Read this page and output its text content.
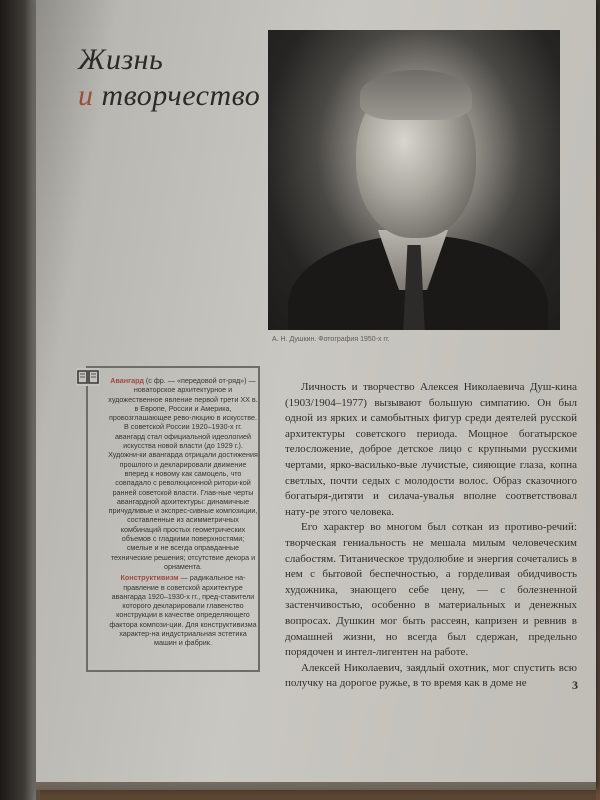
Жизнь
и творчество
А. Н. Душкин. Фотография 1950-х гг.

Авангард (с фр. — «передовой от-ряд») — новаторское архитектурное и художественное явление первой трети ХХ в. в Европе, России и Америка, провозглашающее рево-люцию в искусстве. В советской России 1920–1930-х гг. авангард стал официальной идеологией искусства новой власти (до 1929 г.). Художни-ки авангарда отрицали достижения прошлого и декларировали движение вперед к новому как самоцель, что совпадало с революционной ритори-кой ранней советской власти. Глав-ные черты авангардной архитектуры: динамичные причудливые и экспрес-сивные композиции, составленные из асимметричных комбинаций простых геометрических объемов с гладкими поверхностями; смелые и не всегда оправданные технические решения; отсутствие декора и орнамента.

Конструктивизм — радикальное на-правление в советской архитектуре авангарда 1920–1930-х гг., пред-ставители которого декларировали главенство конструкции в качестве определяющего фактора компози-ции. Для конструктивизма характер-на индустриальная эстетика машин и фабрик.

Личность и творчество Алексея Николаевича Душ-кина (1903/1904–1977) вызывают большую симпатию. Он был одной из ярких и самобытных фигур среди деятелей русской архитектуры советского периода. Мощное богатырское телосложение, доброе детское лицо с крупными русскими чертами, ярко-василько-вые лучистые, сияющие глаза, копна светлых, почти седых с молодости волос. Образ сказочного богатыря-дитяти и силача-увалья вполне соответствовал нату-ре этого человека.

Его характер во многом был соткан из противо-речий: творческая гениальность не мешала милым человеческим слабостям. Титаническое трудолюбие и энергия сочетались в нем с бытовой беспечностью, а горделивая обидчивость художника, знающего себе цену, — с болезненной застенчивостью, особенно в материальных и денежных вопросах. Душкин мог быть рассеян, капризен и ревнив в домашней жизни, но всегда был сдержан, предельно порядочен и интел-лигентен на работе.

Алексей Николаевич, заядлый охотник, мог спустить всю получку на дорогое ружье, в то время как в доме не	3
